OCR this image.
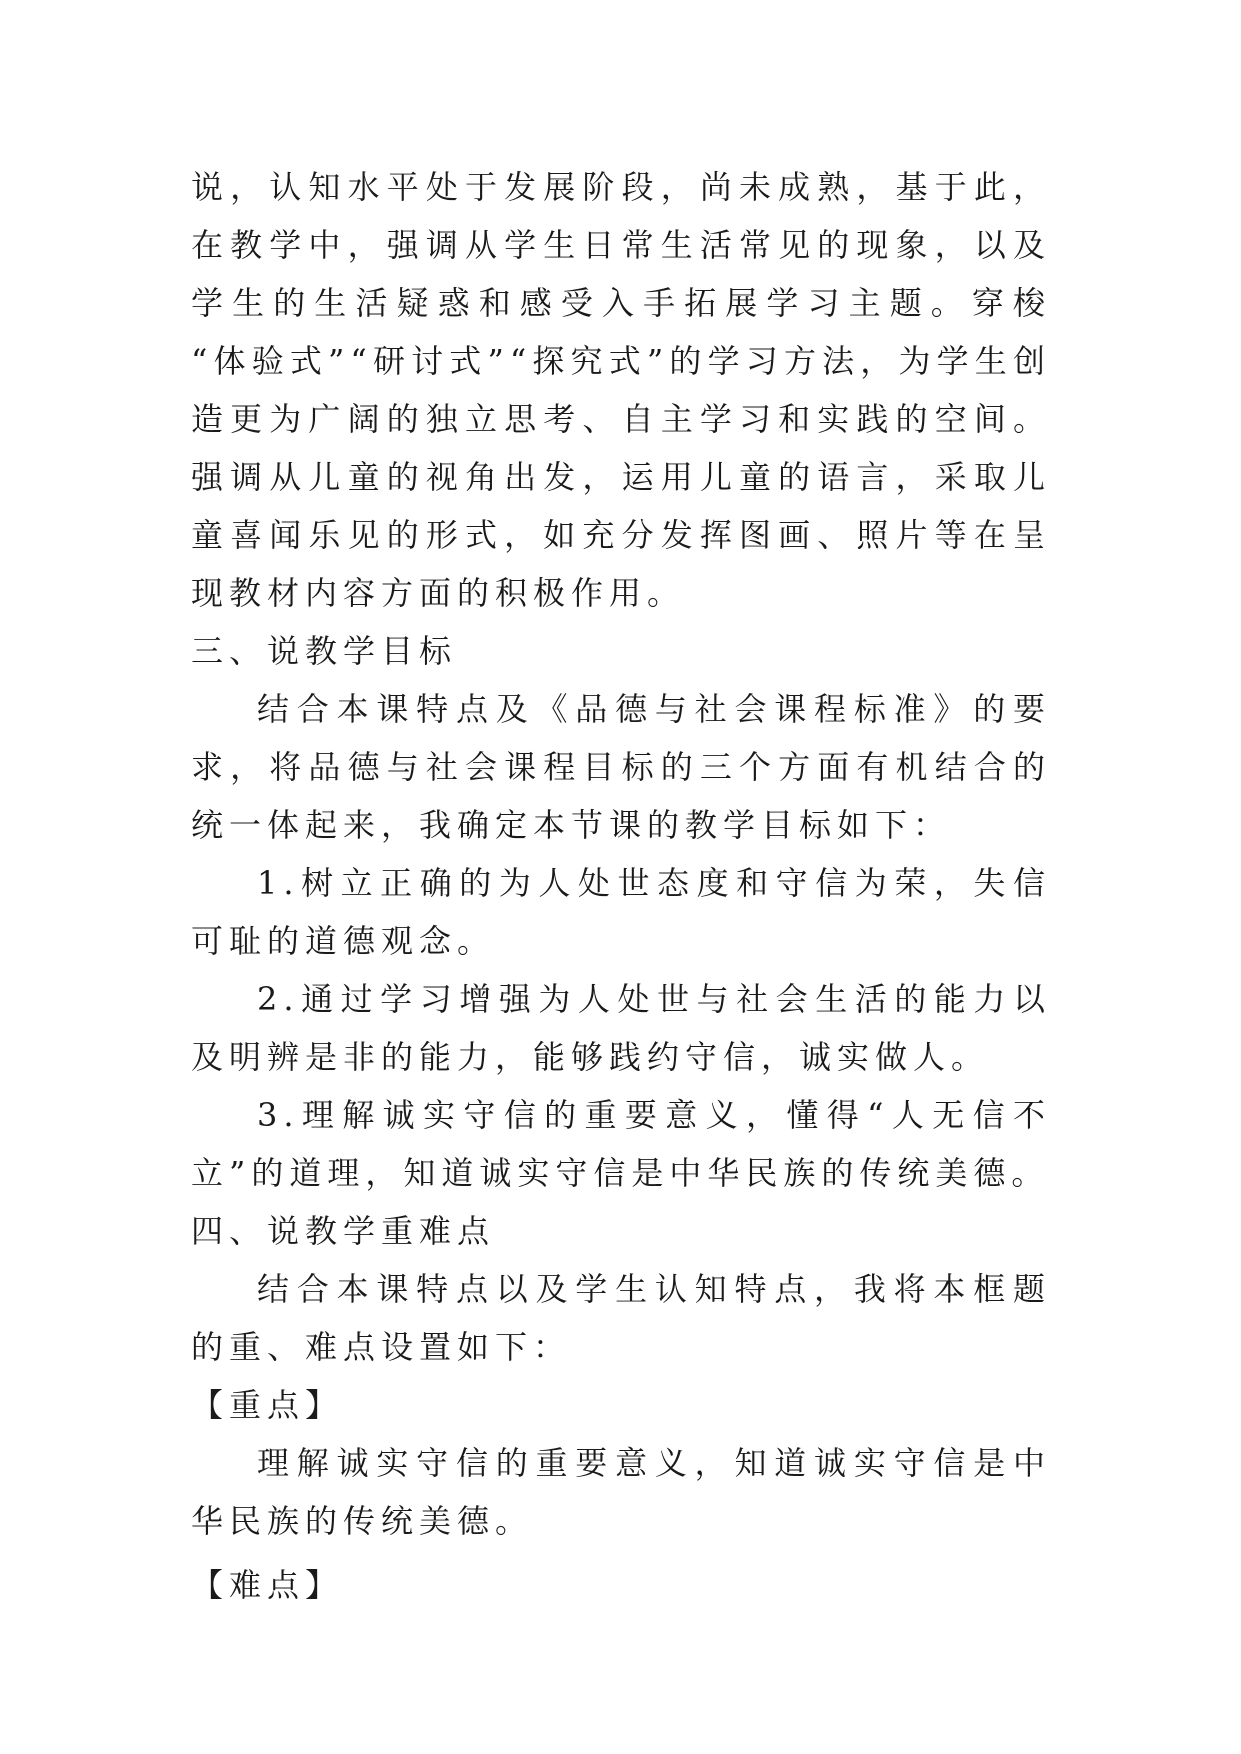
说，认知水平处于发展阶段，尚未成熟，基于此，在教学中，强调从学生日常生活常见的现象，以及学生的生活疑惑和感受入手拓展学习主题。穿梭 “体验式”“研讨式”“探究式”的学习方法，为学生创造更为广阔的独立思考、自主学习和实践的空间。强调从儿童的视角出发，运用儿童的语言，采取儿童喜闻乐见的形式，如充分发挥图画、照片等在呈现教材内容方面的积极作用。

三、说教学目标

结合本课特点及《品德与社会课程标准》的要求，将品德与社会课程目标的三个方面有机结合的统一体起来，我确定本节课的教学目标如下：

1.树立正确的为人处世态度和守信为荣，失信可耻的道德观念。

2.通过学习增强为人处世与社会生活的能力以及明辨是非的能力，能够践约守信，诚实做人。

3.理解诚实守信的重要意义，懂得“人无信不立”的道理，知道诚实守信是中华民族的传统美德。

四、说教学重难点

结合本课特点以及学生认知特点，我将本框题的重、难点设置如下：

【重点】

理解诚实守信的重要意义，知道诚实守信是中华民族的传统美德。

【难点】
